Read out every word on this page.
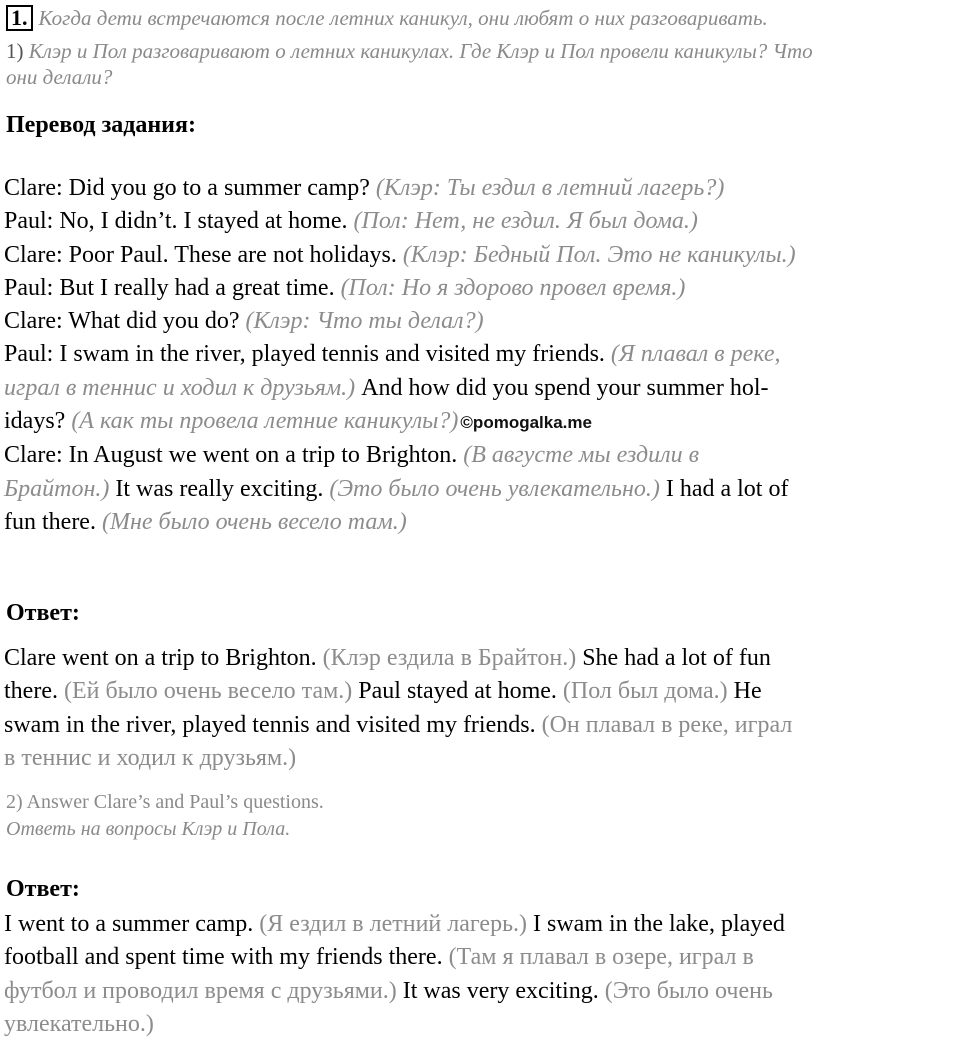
1. Когда дети встречаются после летних каникул, они любят о них разговаривать.
1) Клэр и Пол разговаривают о летних каникулах. Где Клэр и Пол провели каникулы? Что
они делали?
Перевод задания:
Clare: Did you go to a summer camp? (Клэр: Ты ездил в летний лагерь?)
Paul: No, I didn’t. I stayed at home. (Пол: Нет, не ездил. Я был дома.)
Clare: Poor Paul. These are not holidays. (Клэр: Бедный Пол. Это не каникулы.)
Paul: But I really had a great time. (Пол: Но я здорово провел время.)
Clare: What did you do? (Клэр: Что ты делал?)
Paul: I swam in the river, played tennis and visited my friends. (Я плавал в реке,
играл в теннис и ходил к друзьям.) And how did you spend your summer hol-
idays? (А как ты провела летние каникулы?) ©pomogalka.me
Clare: In August we went on a trip to Brighton. (В августе мы ездили в
Брайтон.) It was really exciting. (Это было очень увлекательно.) I had a lot of
fun there. (Мне было очень весело там.)
Ответ:
Clare went on a trip to Brighton. (Клэр ездила в Брайтон.) She had a lot of fun
there. (Ей было очень весело там.) Paul stayed at home. (Пол был дома.) He
swam in the river, played tennis and visited my friends. (Он плавал в реке, играл
в теннис и ходил к друзьям.)
2) Answer Clare’s and Paul’s questions.
Ответь на вопросы Клэр и Пола.
Ответ:
I went to a summer camp. (Я ездил в летний лагерь.) I swam in the lake, played
football and spent time with my friends there. (Там я плавал в озере, играл в
футбол и проводил время с друзьями.) It was very exciting. (Это было очень
увлекательно.)
